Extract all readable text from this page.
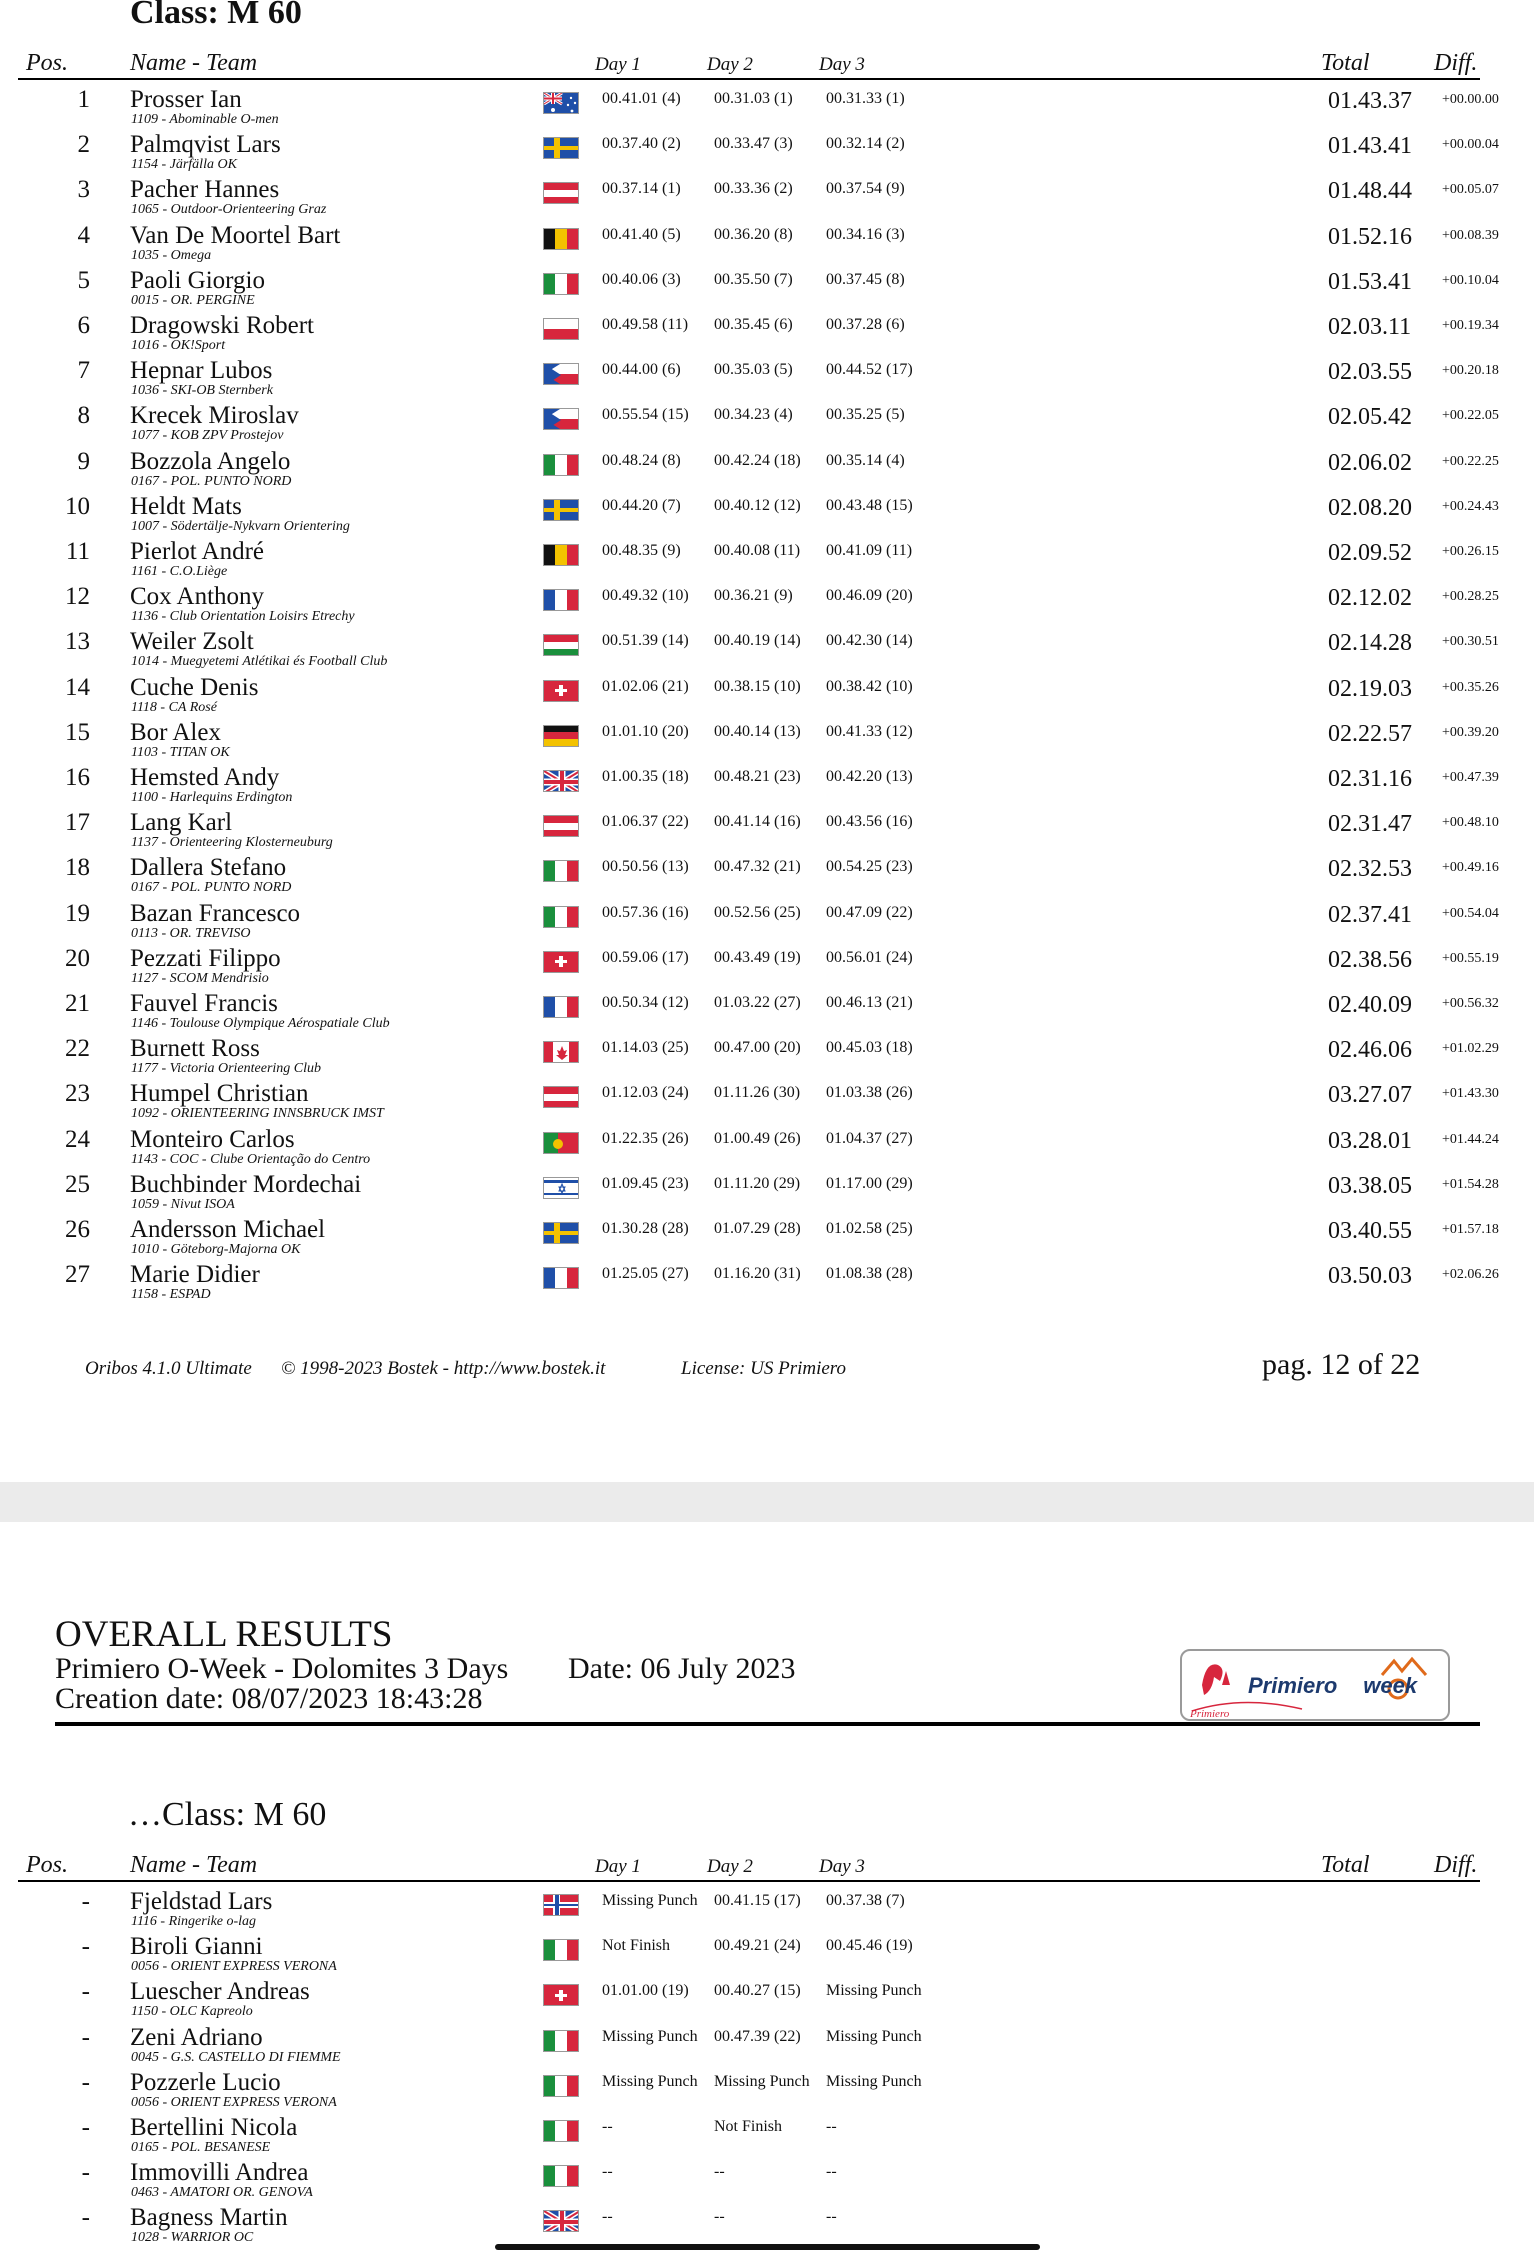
Class: M 60
Pos.	Name - Team	Day 1	Day 2	Day 3	Total	Diff.
1 Prosser Ian
1109 - Abominable O-men
00.41.01 (4) 00.31.03 (1) 00.31.33 (1)	01.43.37 +00.00.00
2 Palmqvist Lars
1154 - Järfälla OK
00.37.40 (2) 00.33.47 (3) 00.32.14 (2)	01.43.41 +00.00.04
3 Pacher Hannes
1065 - Outdoor-Orienteering Graz
00.37.14 (1) 00.33.36 (2) 00.37.54 (9)	01.48.44 +00.05.07
4 Van De Moortel Bart
1035 - Omega
00.41.40 (5) 00.36.20 (8) 00.34.16 (3)	01.52.16 +00.08.39
5 Paoli Giorgio
0015 - OR. PERGINE
00.40.06 (3) 00.35.50 (7) 00.37.45 (8)	01.53.41 +00.10.04
6 Dragowski Robert
1016 - OK!Sport
00.49.58 (11) 00.35.45 (6) 00.37.28 (6)	02.03.11 +00.19.34
7 Hepnar Lubos
1036 - SKI-OB Sternberk
00.44.00 (6) 00.35.03 (5) 00.44.52 (17)	02.03.55 +00.20.18
8 Krecek Miroslav
1077 - KOB ZPV Prostejov
00.55.54 (15) 00.34.23 (4) 00.35.25 (5)	02.05.42 +00.22.05
9 Bozzola Angelo
0167 - POL. PUNTO NORD
00.48.24 (8) 00.42.24 (18) 00.35.14 (4)	02.06.02 +00.22.25
10 Heldt Mats
1007 - Södertälje-Nykvarn Orientering
00.44.20 (7) 00.40.12 (12) 00.43.48 (15)	02.08.20 +00.24.43
11 Pierlot André
1161 - C.O.Liège
00.48.35 (9) 00.40.08 (11) 00.41.09 (11)	02.09.52 +00.26.15
12 Cox Anthony
1136 - Club Orientation Loisirs Etrechy
00.49.32 (10) 00.36.21 (9) 00.46.09 (20)	02.12.02 +00.28.25
13 Weiler Zsolt
1014 - Muegyetemi Atlétikai és Football Club
00.51.39 (14) 00.40.19 (14) 00.42.30 (14)	02.14.28 +00.30.51
14 Cuche Denis
1118 - CA Rosé
01.02.06 (21) 00.38.15 (10) 00.38.42 (10)	02.19.03 +00.35.26
15 Bor Alex
1103 - TITAN OK
01.01.10 (20) 00.40.14 (13) 00.41.33 (12)	02.22.57 +00.39.20
16 Hemsted Andy
1100 - Harlequins Erdington
01.00.35 (18) 00.48.21 (23) 00.42.20 (13)	02.31.16 +00.47.39
17 Lang Karl
1137 - Orienteering Klosterneuburg
01.06.37 (22) 00.41.14 (16) 00.43.56 (16)	02.31.47 +00.48.10
18 Dallera Stefano
0167 - POL. PUNTO NORD
00.50.56 (13) 00.47.32 (21) 00.54.25 (23)	02.32.53 +00.49.16
19 Bazan Francesco
0113 - OR. TREVISO
00.57.36 (16) 00.52.56 (25) 00.47.09 (22)	02.37.41 +00.54.04
20 Pezzati Filippo
1127 - SCOM Mendrisio
00.59.06 (17) 00.43.49 (19) 00.56.01 (24)	02.38.56 +00.55.19
21 Fauvel Francis
1146 - Toulouse Olympique Aérospatiale Club
00.50.34 (12) 01.03.22 (27) 00.46.13 (21)	02.40.09 +00.56.32
22 Burnett Ross
1177 - Victoria Orienteering Club
01.14.03 (25) 00.47.00 (20) 00.45.03 (18)	02.46.06 +01.02.29
23 Humpel Christian
1092 - ORIENTEERING INNSBRUCK IMST
01.12.03 (24) 01.11.26 (30) 01.03.38 (26)	03.27.07 +01.43.30
24 Monteiro Carlos
1143 - COC - Clube Orientação do Centro
01.22.35 (26) 01.00.49 (26) 01.04.37 (27)	03.28.01 +01.44.24
25 Buchbinder Mordechai
1059 - Nivut ISOA
01.09.45 (23) 01.11.20 (29) 01.17.00 (29)	03.38.05 +01.54.28
26 Andersson Michael
1010 - Göteborg-Majorna OK
01.30.28 (28) 01.07.29 (28) 01.02.58 (25)	03.40.55 +01.57.18
27 Marie Didier
1158 - ESPAD
01.25.05 (27) 01.16.20 (31) 01.08.38 (28)	03.50.03 +02.06.26
Oribos 4.1.0 Ultimate © 1998-2023 Bostek - http://www.bostek.it	License: US Primiero	pag. 12 of 22
OVERALL RESULTS
Primiero O-Week - Dolomites 3 Days Date: 06 July 2023
Creation date: 08/07/2023 18:43:28	Primiero
Primiero week
…Class: M 60
Pos.	Name - Team	Day 1	Day 2	Day 3	Total	Diff.
- Fjeldstad Lars
1116 - Ringerike o-lag
Missing Punch 00.41.15 (17) 00.37.38 (7)
- Biroli Gianni
0056 - ORIENT EXPRESS VERONA
Not Finish	00.49.21 (24) 00.45.46 (19)
- Luescher Andreas
1150 - OLC Kapreolo
01.01.00 (19) 00.40.27 (15) Missing Punch
- Zeni Adriano
0045 - G.S. CASTELLO DI FIEMME
Missing Punch 00.47.39 (22) Missing Punch
- Pozzerle Lucio
0056 - ORIENT EXPRESS VERONA
Missing Punch Missing Punch Missing Punch
- Bertellini Nicola
0165 - POL. BESANESE
--	Not Finish	--
- Immovilli Andrea
0463 - AMATORI OR. GENOVA
--	--	--
- Bagness Martin
1028 - WARRIOR OC
--	--	--
